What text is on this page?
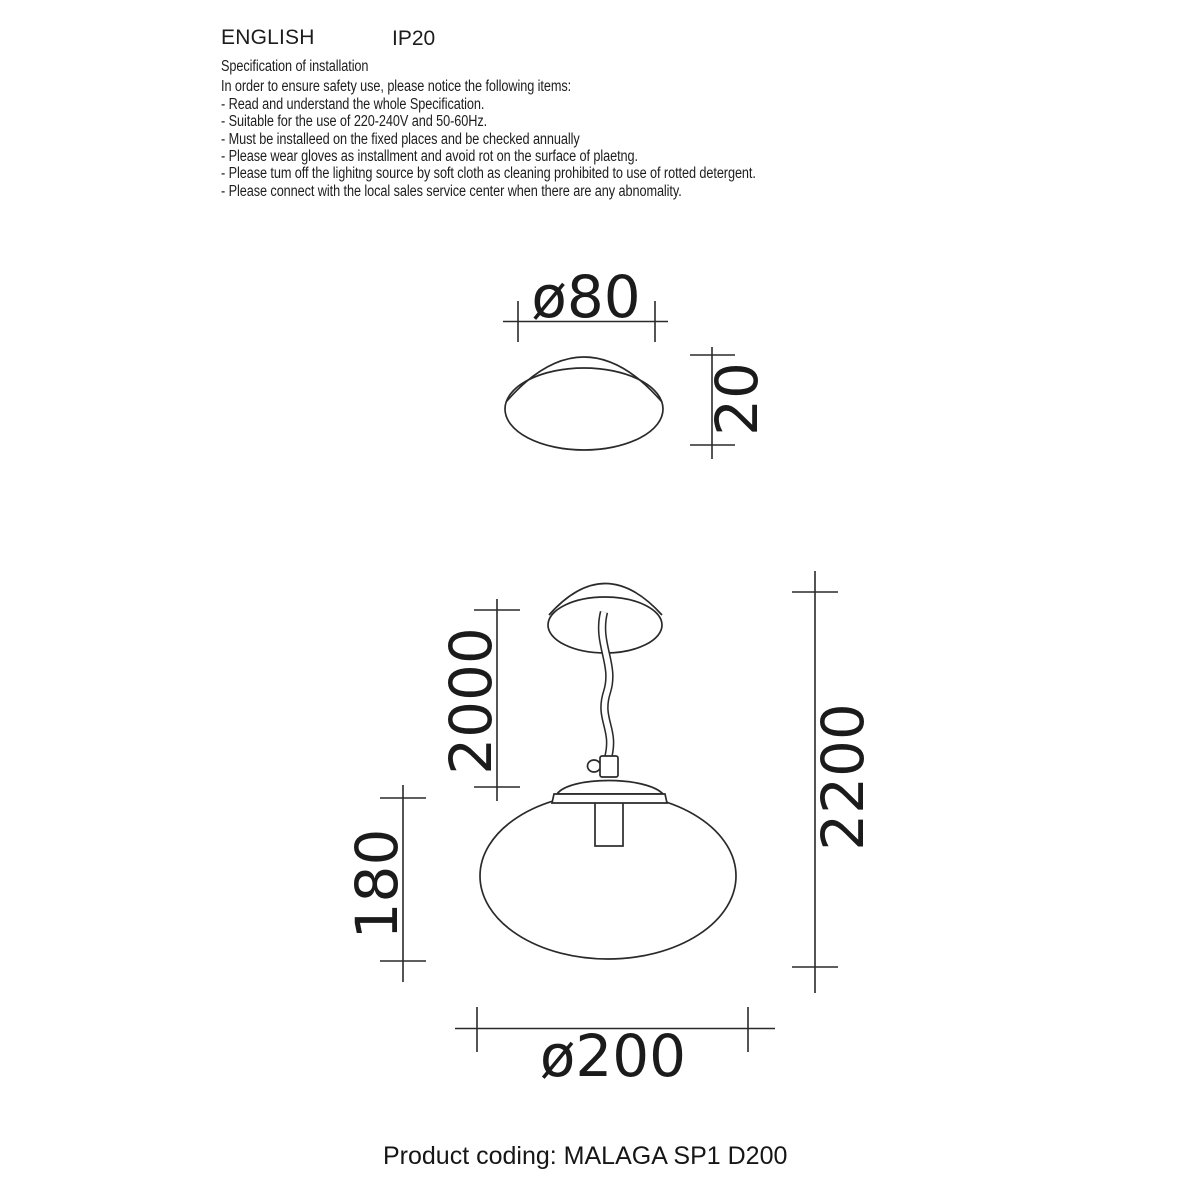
ENGLISH	IP20
Specification of installation
In order to ensure safety use, please notice the following items:
- Read and understand the whole Specification.
- Suitable for the use of 220-240V and 50-60Hz.
- Must be installeed on the fixed places and be checked annually
- Please wear gloves as installment and avoid rot on the surface of plaetng.
- Please tum off the lighitng source by soft cloth as cleaning prohibited to use of rotted detergent.
- Please connect with the local sales service center when there are any abnomality.
ø80
20
2000
180
2200
ø200
Product coding: MALAGA SP1 D200
